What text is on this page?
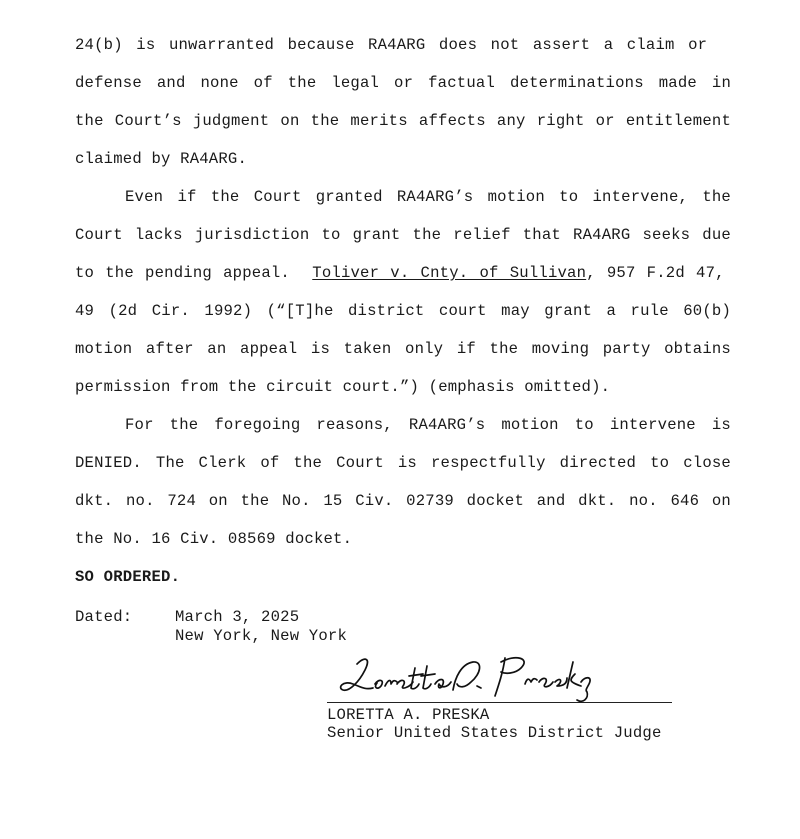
24(b) is unwarranted because RA4ARG does not assert a claim or
defense and none of the legal or factual determinations made in
the Court’s judgment on the merits affects any right or entitlement
claimed by RA4ARG.
Even if the Court granted RA4ARG’s motion to intervene, the
Court lacks jurisdiction to grant the relief that RA4ARG seeks due
to the pending appeal. Toliver v. Cnty. of Sullivan, 957 F.2d 47,
49 (2d Cir. 1992) (“[T]he district court may grant a rule 60(b)
motion after an appeal is taken only if the moving party obtains
permission from the circuit court.”) (emphasis omitted).
For the foregoing reasons, RA4ARG’s motion to intervene is
DENIED. The Clerk of the Court is respectfully directed to close
dkt. no. 724 on the No. 15 Civ. 02739 docket and dkt. no. 646 on
the No. 16 Civ. 08569 docket.
SO ORDERED.
Dated:	March 3, 2025
New York, New York
LORETTA A. PRESKA
Senior United States District Judge
